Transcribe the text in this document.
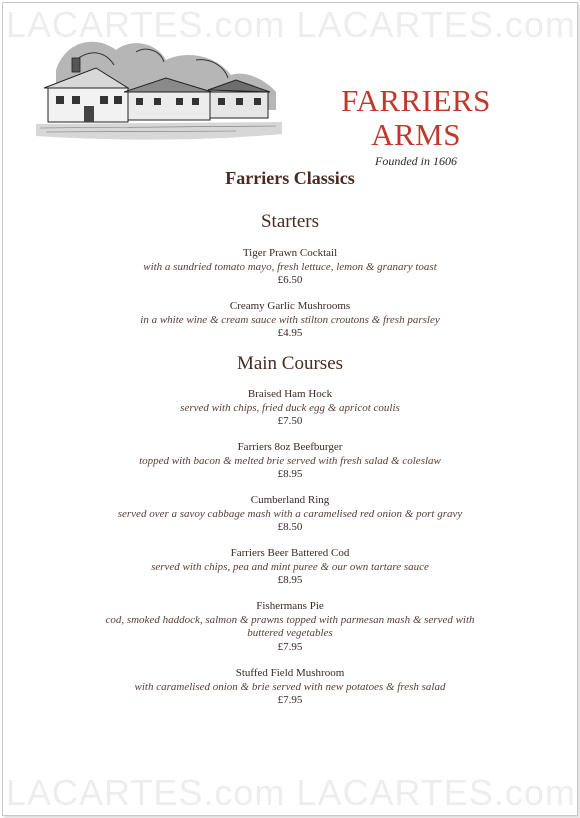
FARRIERS ARMS
Founded in 1606
Farriers Classics
Starters
Tiger Prawn Cocktail
with a sundried tomato mayo, fresh lettuce, lemon & granary toast
£6.50
Creamy Garlic Mushrooms
in a white wine & cream sauce with stilton croutons & fresh parsley
£4.95
Main Courses
Braised Ham Hock
served with chips, fried duck egg & apricot coulis
£7.50
Farriers 8oz Beefburger
topped with bacon & melted brie served with fresh salad & coleslaw
£8.95
Cumberland Ring
served over a savoy cabbage mash with a caramelised red onion & port gravy
£8.50
Farriers Beer Battered Cod
served with chips, pea and mint puree & our own tartare sauce
£8.95
Fishermans Pie
cod, smoked haddock, salmon & prawns topped with parmesan mash & served with buttered vegetables
£7.95
Stuffed Field Mushroom
with caramelised onion & brie served with new potatoes & fresh salad
£7.95
